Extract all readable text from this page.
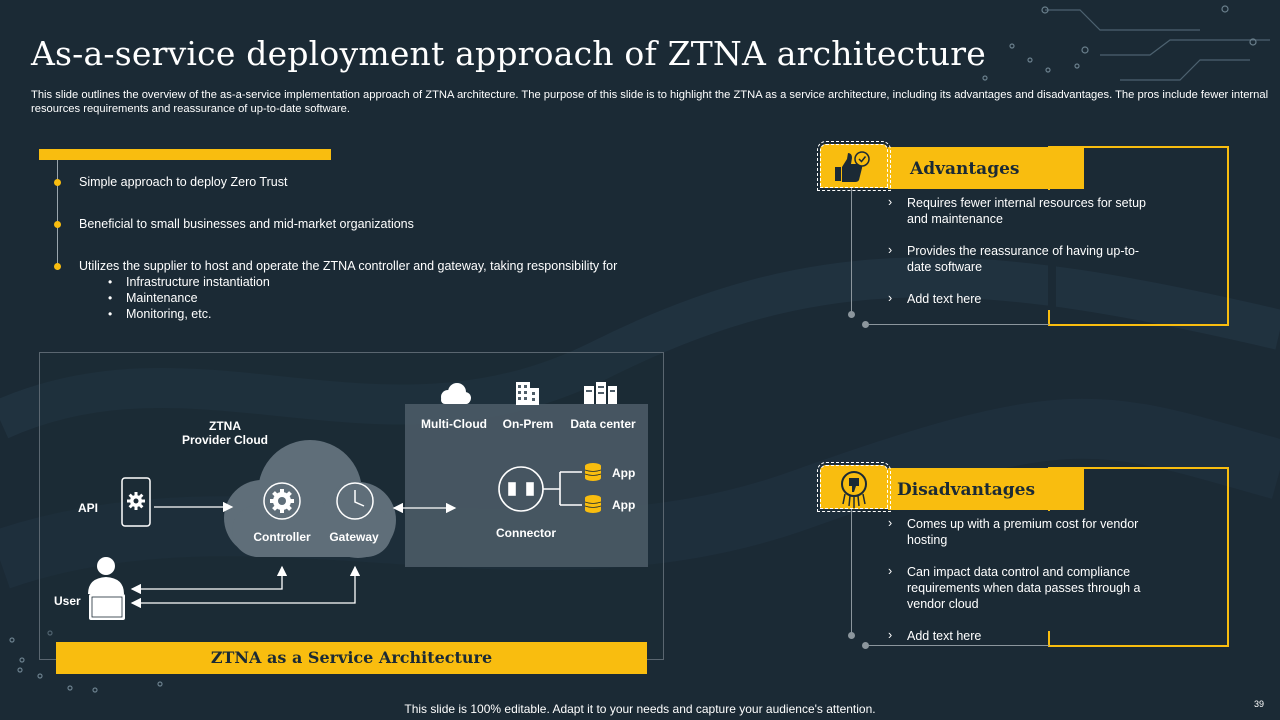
As-a-service deployment approach of ZTNA architecture
This slide outlines the overview of the as-a-service implementation approach of ZTNA architecture. The purpose of this slide is to highlight the ZTNA as a service architecture, including its advantages and disadvantages. The pros include fewer internal resources requirements and reassurance of up-to-date software.
Simple approach to deploy Zero Trust
Beneficial to small businesses and mid-market organizations
Utilizes the supplier to host and operate the ZTNA controller and gateway, taking responsibility for
• Infrastructure instantiation
• Maintenance
• Monitoring, etc.
ZTNA
Provider Cloud
API
User
Controller	Gateway
Multi-Cloud	On-Prem	Data center
Connector
App
App
ZTNA as a Service Architecture
Advantages
› Requires fewer internal resources for setup and maintenance
› Provides the reassurance of having up-to-date software
› Add text here
Disadvantages
› Comes up with a premium cost for vendor hosting
› Can impact data control and compliance requirements when data passes through a vendor cloud
› Add text here
This slide is 100% editable. Adapt it to your needs and capture your audience's attention.	39
